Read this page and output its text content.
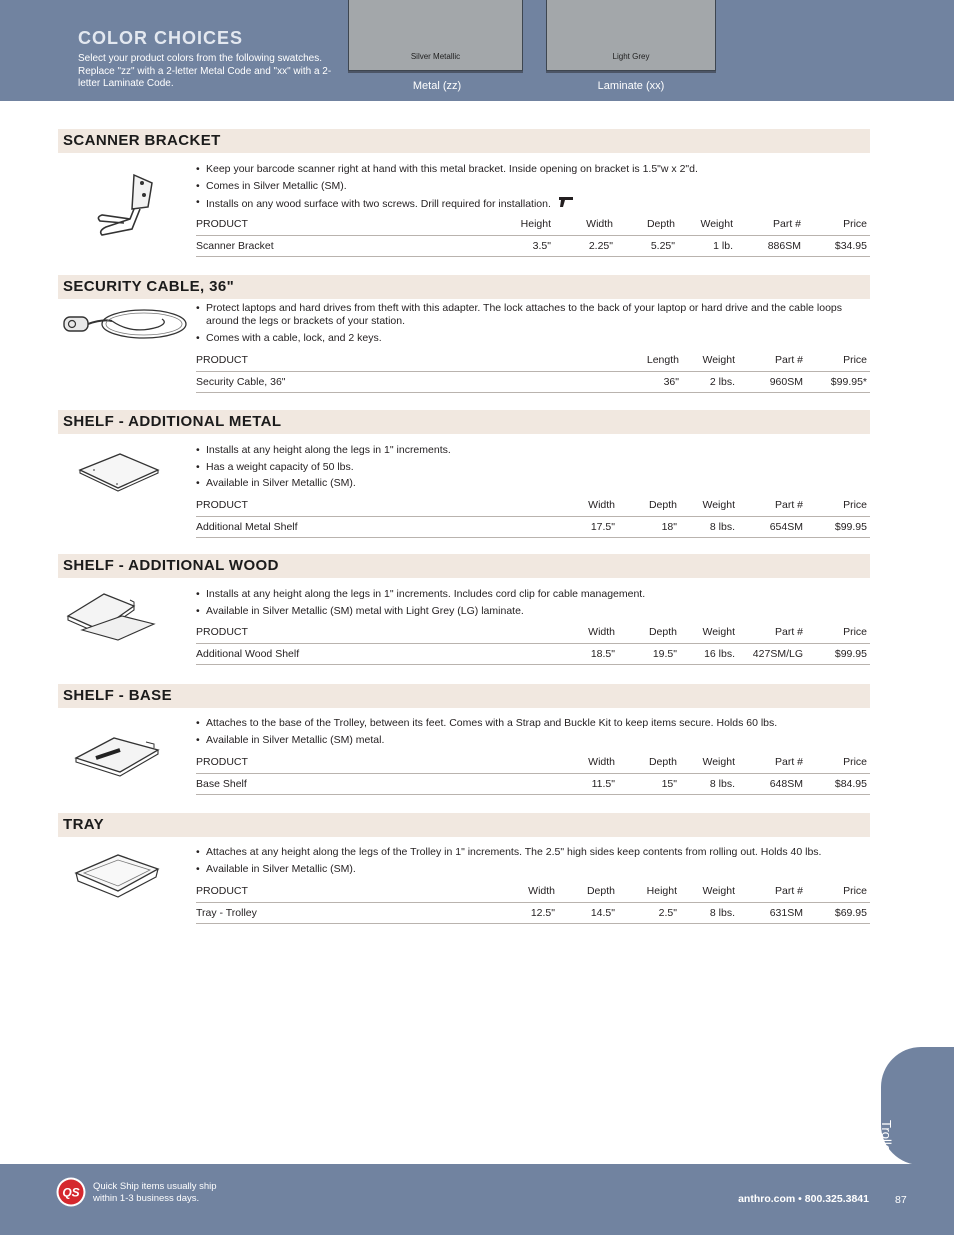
COLOR CHOICES
Select your product colors from the following swatches. Replace "zz" with a 2-letter Metal Code and "xx" with a 2-letter Laminate Code.
Silver Metallic
Metal (zz)
Light Grey
Laminate (xx)
SCANNER BRACKET
• Keep your barcode scanner right at hand with this metal bracket. Inside opening on bracket is 1.5"w x 2"d.
• Comes in Silver Metallic (SM).
• Installs on any wood surface with two screws. Drill required for installation.
PRODUCT	Height	Width	Depth	Weight	Part #	Price
Scanner Bracket	3.5"	2.25"	5.25"	1 lb.	886SM	$34.95
SECURITY CABLE, 36"
• Protect laptops and hard drives from theft with this adapter. The lock attaches to the back of your laptop or hard drive and the cable loops around the legs or brackets of your station.
• Comes with a cable, lock, and 2 keys.
PRODUCT	Length	Weight	Part #	Price
Security Cable, 36"	36"	2 lbs.	960SM	$99.95*
SHELF - ADDITIONAL METAL
• Installs at any height along the legs in 1" increments.
• Has a weight capacity of 50 lbs.
• Available in Silver Metallic (SM).
PRODUCT	Width	Depth	Weight	Part #	Price
Additional Metal Shelf	17.5"	18"	8 lbs.	654SM	$99.95
SHELF - ADDITIONAL WOOD
• Installs at any height along the legs in 1" increments. Includes cord clip for cable management.
• Available in Silver Metallic (SM) metal with Light Grey (LG) laminate.
PRODUCT	Width	Depth	Weight	Part #	Price
Additional Wood Shelf	18.5"	19.5"	16 lbs.	427SM/LG	$99.95
SHELF - BASE
• Attaches to the base of the Trolley, between its feet. Comes with a Strap and Buckle Kit to keep items secure. Holds 60 lbs.
• Available in Silver Metallic (SM) metal.
PRODUCT	Width	Depth	Weight	Part #	Price
Base Shelf	11.5"	15"	8 lbs.	648SM	$84.95
TRAY
• Attaches at any height along the legs of the Trolley in 1" increments. The 2.5" high sides keep contents from rolling out. Holds 40 lbs.
• Available in Silver Metallic (SM).
PRODUCT	Width	Depth	Height	Weight	Part #	Price
Tray - Trolley	12.5"	14.5"	2.5"	8 lbs.	631SM	$69.95
Trolley
QS Quick Ship items usually ship
within 1-3 business days.	anthro.com • 800.325.3841 87
